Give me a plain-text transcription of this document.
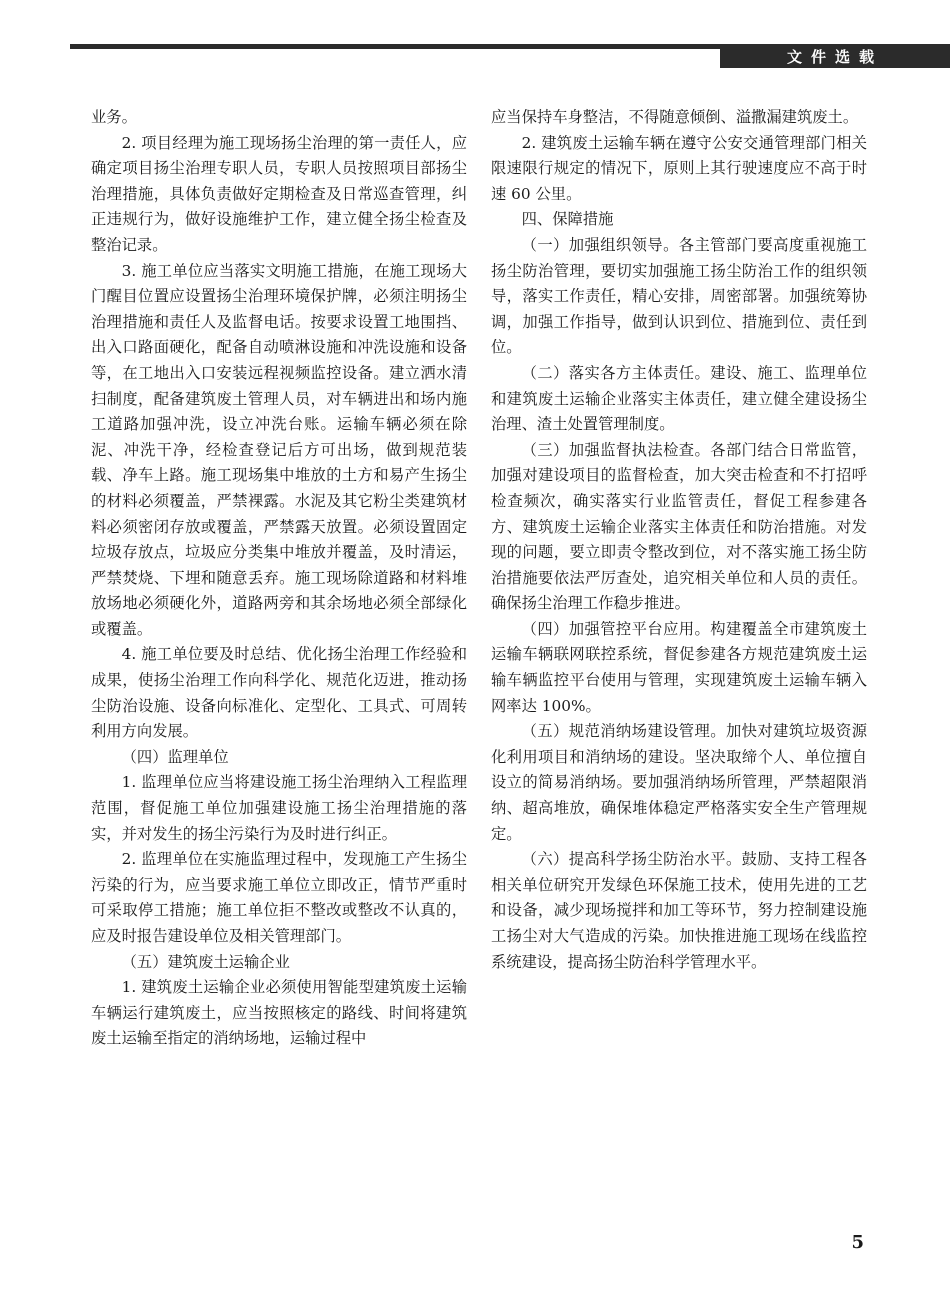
文件选载

业务。

2. 项目经理为施工现场扬尘治理的第一责任人，应确定项目扬尘治理专职人员，专职人员按照项目部扬尘治理措施，具体负责做好定期检查及日常巡查管理，纠正违规行为，做好设施维护工作，建立健全扬尘检查及整治记录。

3. 施工单位应当落实文明施工措施，在施工现场大门醒目位置应设置扬尘治理环境保护牌，必须注明扬尘治理措施和责任人及监督电话。按要求设置工地围挡、出入口路面硬化，配备自动喷淋设施和冲洗设施和设备等，在工地出入口安装远程视频监控设备。建立洒水清扫制度，配备建筑废土管理人员，对车辆进出和场内施工道路加强冲洗，设立冲洗台账。运输车辆必须在除泥、冲洗干净，经检查登记后方可出场，做到规范装载、净车上路。施工现场集中堆放的土方和易产生扬尘的材料必须覆盖，严禁裸露。水泥及其它粉尘类建筑材料必须密闭存放或覆盖，严禁露天放置。必须设置固定垃圾存放点，垃圾应分类集中堆放并覆盖，及时清运，严禁焚烧、下埋和随意丢弃。施工现场除道路和材料堆放场地必须硬化外，道路两旁和其余场地必须全部绿化或覆盖。

4. 施工单位要及时总结、优化扬尘治理工作经验和成果，使扬尘治理工作向科学化、规范化迈进，推动扬尘防治设施、设备向标准化、定型化、工具式、可周转利用方向发展。

（四）监理单位

1. 监理单位应当将建设施工扬尘治理纳入工程监理范围，督促施工单位加强建设施工扬尘治理措施的落实，并对发生的扬尘污染行为及时进行纠正。

2. 监理单位在实施监理过程中，发现施工产生扬尘污染的行为，应当要求施工单位立即改正，情节严重时可采取停工措施；施工单位拒不整改或整改不认真的，应及时报告建设单位及相关管理部门。

（五）建筑废土运输企业

1. 建筑废土运输企业必须使用智能型建筑废土运输车辆运行建筑废土，应当按照核定的路线、时间将建筑废土运输至指定的消纳场地，运输过程中

应当保持车身整洁，不得随意倾倒、溢撒漏建筑废土。

2. 建筑废土运输车辆在遵守公安交通管理部门相关限速限行规定的情况下，原则上其行驶速度应不高于时速 60 公里。

四、保障措施

（一）加强组织领导。各主管部门要高度重视施工扬尘防治管理，要切实加强施工扬尘防治工作的组织领导，落实工作责任，精心安排，周密部署。加强统筹协调，加强工作指导，做到认识到位、措施到位、责任到位。

（二）落实各方主体责任。建设、施工、监理单位和建筑废土运输企业落实主体责任，建立健全建设扬尘治理、渣土处置管理制度。

（三）加强监督执法检查。各部门结合日常监管，加强对建设项目的监督检查，加大突击检查和不打招呼检查频次，确实落实行业监管责任，督促工程参建各方、建筑废土运输企业落实主体责任和防治措施。对发现的问题，要立即责令整改到位，对不落实施工扬尘防治措施要依法严厉查处，追究相关单位和人员的责任。确保扬尘治理工作稳步推进。

（四）加强管控平台应用。构建覆盖全市建筑废土运输车辆联网联控系统，督促参建各方规范建筑废土运输车辆监控平台使用与管理，实现建筑废土运输车辆入网率达 100%。

（五）规范消纳场建设管理。加快对建筑垃圾资源化利用项目和消纳场的建设。坚决取缔个人、单位擅自设立的简易消纳场。要加强消纳场所管理，严禁超限消纳、超高堆放，确保堆体稳定严格落实安全生产管理规定。

（六）提高科学扬尘防治水平。鼓励、支持工程各相关单位研究开发绿色环保施工技术，使用先进的工艺和设备，减少现场搅拌和加工等环节，努力控制建设施工扬尘对大气造成的污染。加快推进施工现场在线监控系统建设，提高扬尘防治科学管理水平。

5
